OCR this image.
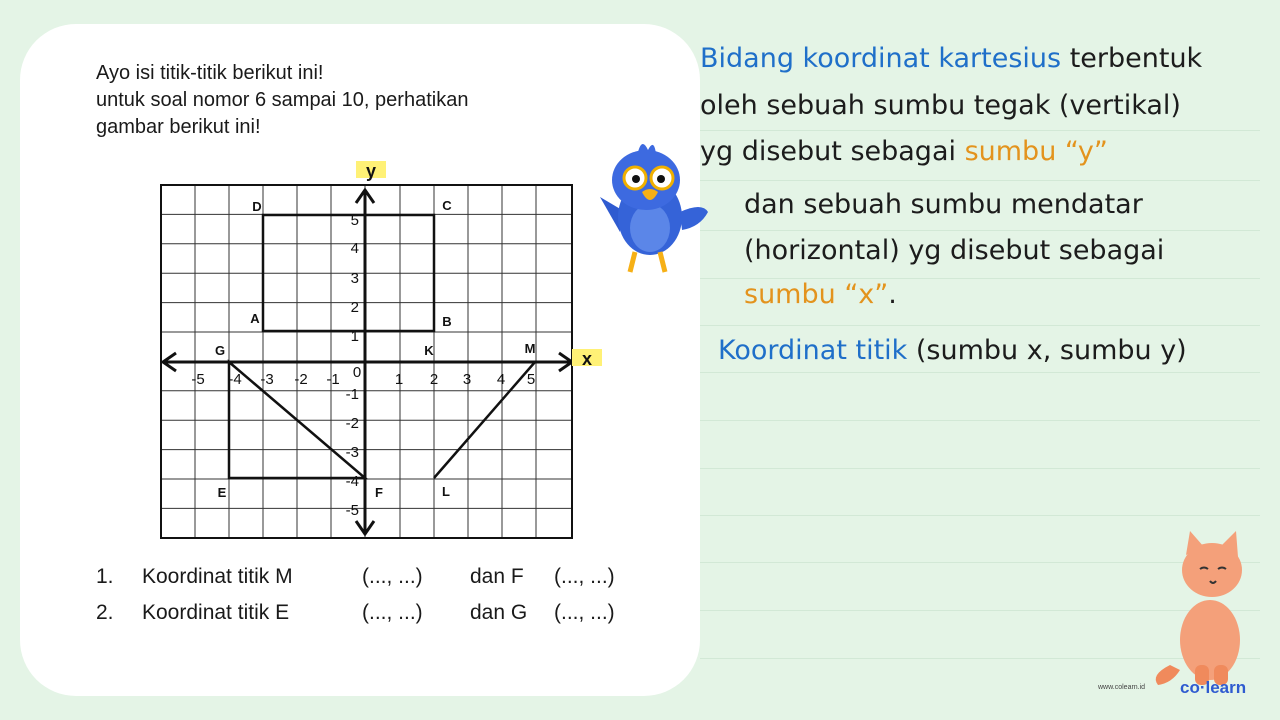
Ayo isi titik-titik berikut ini!
untuk soal nomor 6 sampai 10, perhatikan
gambar berikut ini!
y
x
-5 -4 -3 -2 -1 0 1 2 3 4 5
1
2
3
4
5
-1
-2
-3
-4
-5
D	C
A	B
G	K	M
E	F	L
1. Koordinat titik M	(..., ...) dan F (..., ...)
2. Koordinat titik E	(..., ...) dan G (..., ...)
Bidang koordinat kartesius terbentuk
oleh sebuah sumbu tegak (vertikal)
yg disebut sebagai sumbu “y”
dan sebuah sumbu mendatar
(horizontal) yg disebut sebagai
sumbu “x”.
Koordinat titik (sumbu x, sumbu y)
www.colearn.id co·learn
